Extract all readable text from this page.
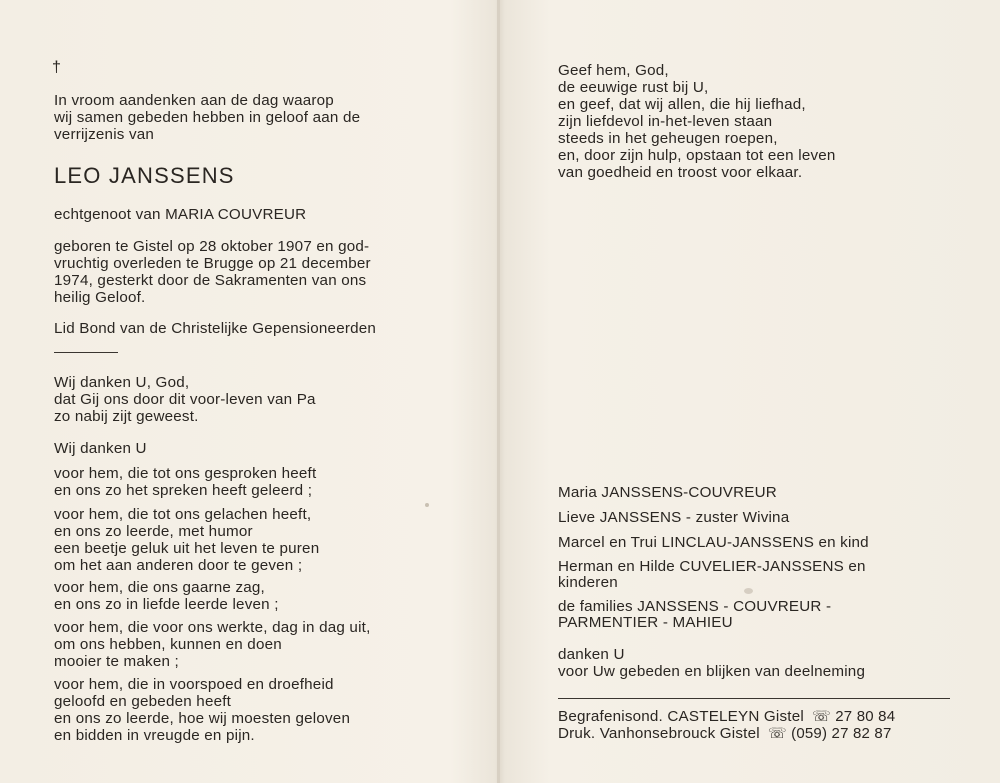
†
In vroom aandenken aan de dag waarop
wij samen gebeden hebben in geloof aan de
verrijzenis van
LEO JANSSENS
echtgenoot van MARIA COUVREUR
geboren te Gistel op 28 oktober 1907 en god-
vruchtig overleden te Brugge op 21 december
1974, gesterkt door de Sakramenten van ons
heilig Geloof.
Lid Bond van de Christelijke Gepensioneerden
Wij danken U, God,
dat Gij ons door dit voor-leven van Pa
zo nabij zijt geweest.
Wij danken U
voor hem, die tot ons gesproken heeft
en ons zo het spreken heeft geleerd ;
voor hem, die tot ons gelachen heeft,
en ons zo leerde, met humor
een beetje geluk uit het leven te puren
om het aan anderen door te geven ;
voor hem, die ons gaarne zag,
en ons zo in liefde leerde leven ;
voor hem, die voor ons werkte, dag in dag uit,
om ons hebben, kunnen en doen
mooier te maken ;
voor hem, die in voorspoed en droefheid
geloofd en gebeden heeft
en ons zo leerde, hoe wij moesten geloven
en bidden in vreugde en pijn.
Geef hem, God,
de eeuwige rust bij U,
en geef, dat wij allen, die hij liefhad,
zijn liefdevol in-het-leven staan
steeds in het geheugen roepen,
en, door zijn hulp, opstaan tot een leven
van goedheid en troost voor elkaar.
Maria JANSSENS-COUVREUR
Lieve JANSSENS - zuster Wivina
Marcel en Trui LINCLAU-JANSSENS en kind
Herman en Hilde CUVELIER-JANSSENS en
kinderen
de families JANSSENS - COUVREUR -
PARMENTIER - MAHIEU
danken U
voor Uw gebeden en blijken van deelneming
Begrafenisond. CASTELEYN Gistel ☏ 27 80 84
Druk. Vanhonsebrouck Gistel ☏ (059) 27 82 87
